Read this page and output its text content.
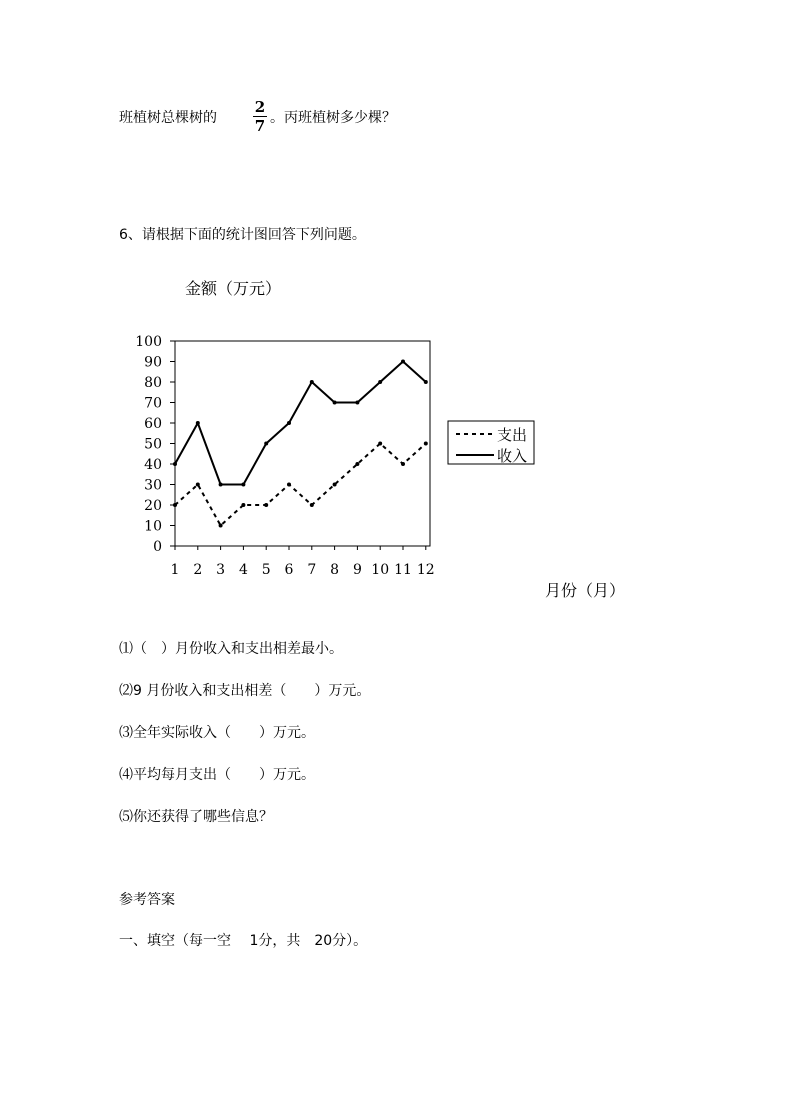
班植树总棵树的
2
7 。丙班植树多少棵？
6、请根据下面的统计图回答下列问题。
金额（万元）
月份（月）
100
90
80
70
60
50
40
30
20
10
0
1 2 3 4 5 6 7 8 9 10 11 12
支出
收入
⑴（　）月份收入和支出相差最小。
⑵9 月份收入和支出相差（　　）万元。
⑶全年实际收入（　　）万元。
⑷平均每月支出（　　）万元。
⑸你还获得了哪些信息？
参考答案
一、填空（每一空　 1分，共　20分）。
